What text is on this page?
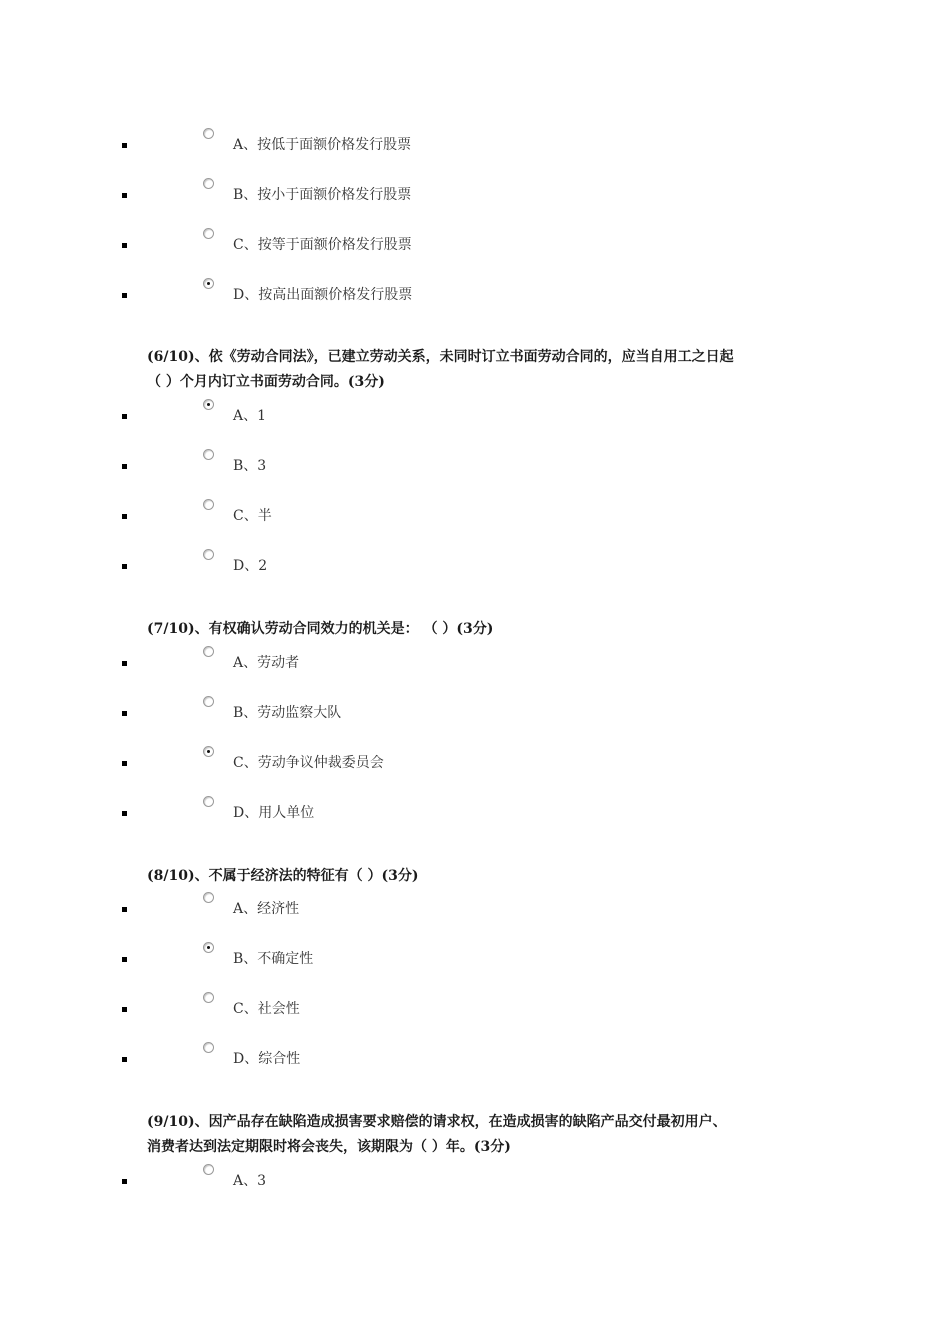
A、按低于面额价格发行股票
B、按小于面额价格发行股票
C、按等于面额价格发行股票
D、按高出面额价格发行股票

(6/10)、依《劳动合同法》，已建立劳动关系，未同时订立书面劳动合同的，应当自用工之日起
（ ）个月内订立书面劳动合同。(3分)

A、1
B、3
C、半
D、2

(7/10)、有权确认劳动合同效力的机关是： （ ）(3分)

A、劳动者
B、劳动监察大队
C、劳动争议仲裁委员会
D、用人单位

(8/10)、不属于经济法的特征有（ ）(3分)

A、经济性
B、不确定性
C、社会性
D、综合性

(9/10)、因产品存在缺陷造成损害要求赔偿的请求权，在造成损害的缺陷产品交付最初用户、
消费者达到法定期限时将会丧失，该期限为（ ）年。(3分)

A、3
